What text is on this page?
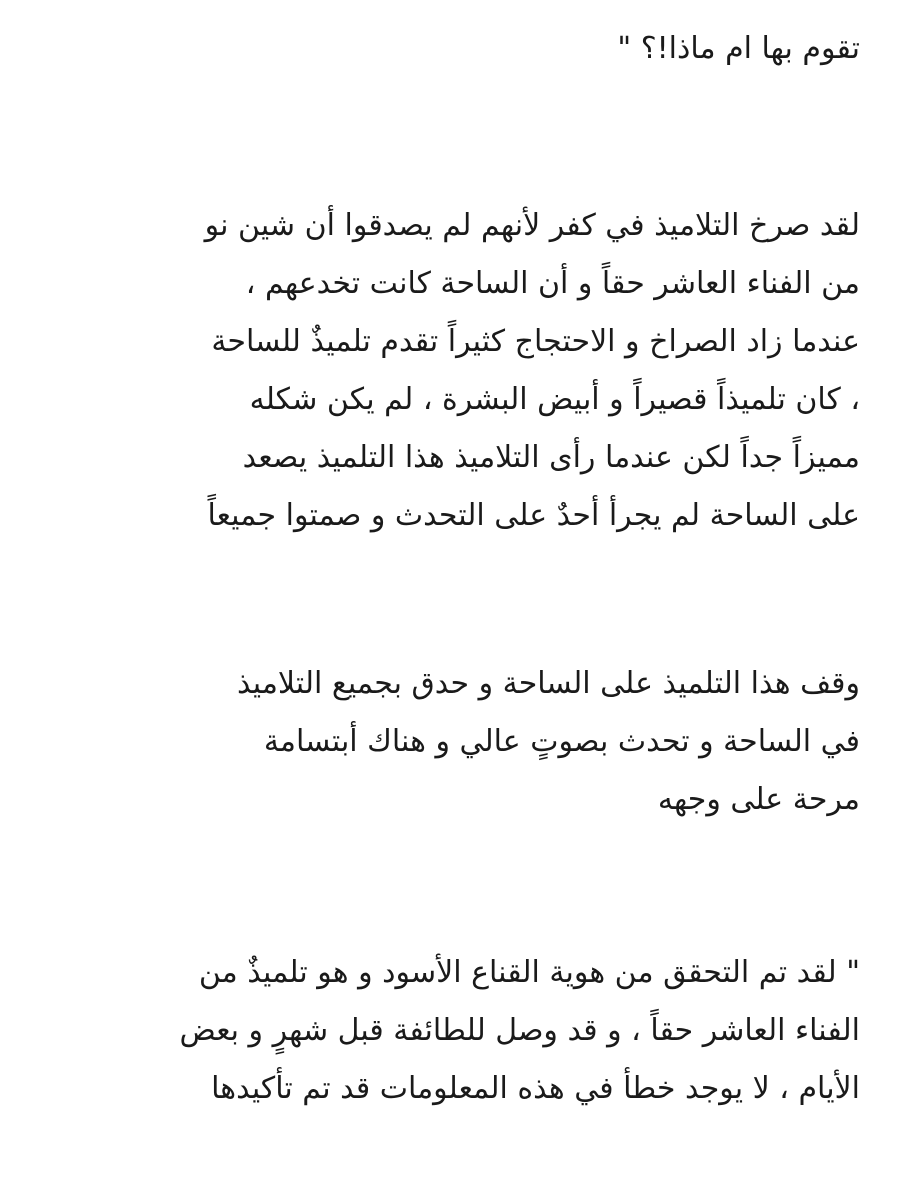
تقوم بها ام ماذا!؟ "

لقد صرخ التلاميذ في كفر لأنهم لم يصدقوا أن شين نو
من الفناء العاشر حقاً و أن الساحة كانت تخدعهم ،
عندما زاد الصراخ و الاحتجاج كثيراً تقدم تلميذٌ للساحة
، كان تلميذاً قصيراً و أبيض البشرة ، لم يكن شكله
مميزاً جداً لكن عندما رأى التلاميذ هذا التلميذ يصعد
على الساحة لم يجرأ أحدٌ على التحدث و صمتوا جميعاً

وقف هذا التلميذ على الساحة و حدق بجميع التلاميذ
في الساحة و تحدث بصوتٍ عالي و هناك أبتسامة
مرحة على وجهه

" لقد تم التحقق من هوية القناع الأسود و هو تلميذٌ من
الفناء العاشر حقاً ، و قد وصل للطائفة قبل شهرٍ و بعض
الأيام ، لا يوجد خطأ في هذه المعلومات قد تم تأكيدها
